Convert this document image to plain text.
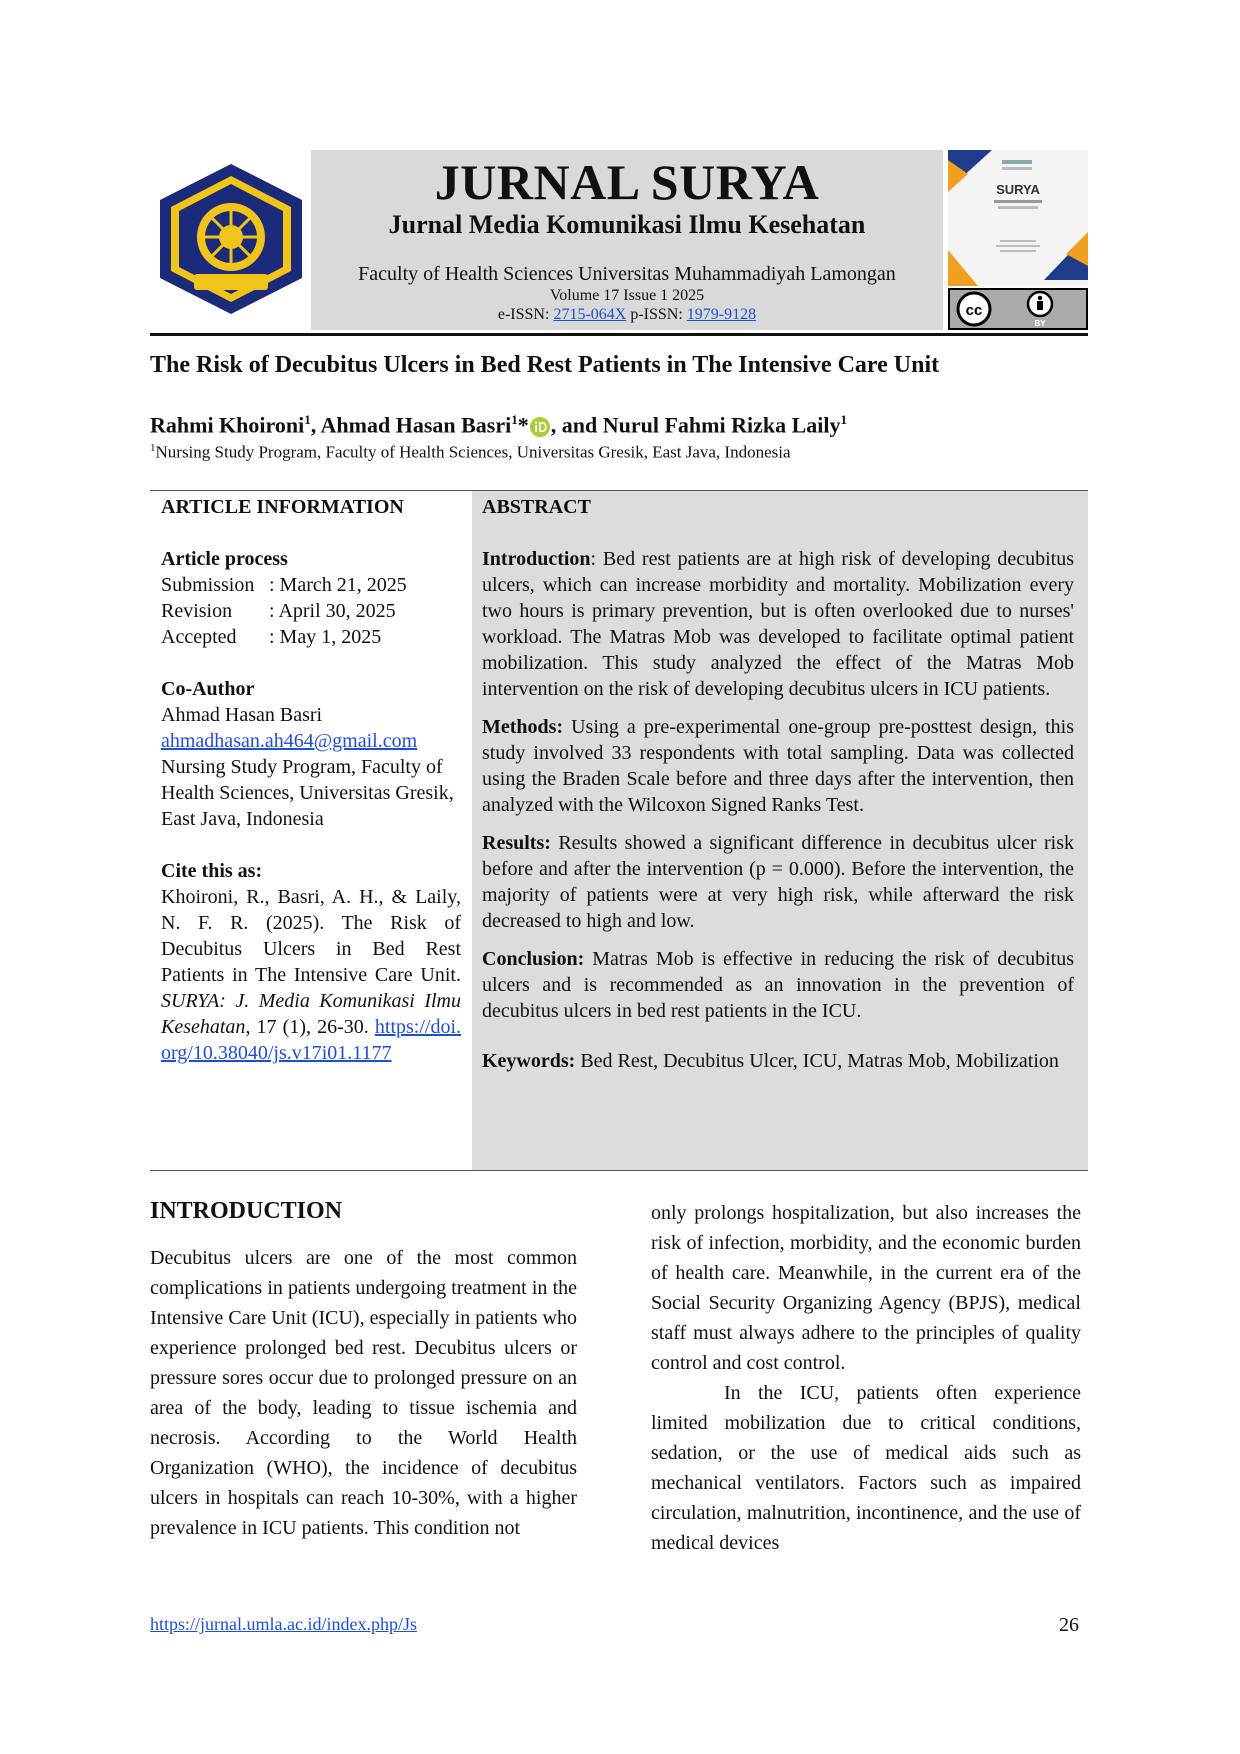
JURNAL SURYA
Jurnal Media Komunikasi Ilmu Kesehatan
Faculty of Health Sciences Universitas Muhammadiyah Lamongan
Volume 17 Issue 1 2025
e-ISSN: 2715-064X p-ISSN: 1979-9128
SURYA
cc
BY
The Risk of Decubitus Ulcers in Bed Rest Patients in The Intensive Care Unit
Rahmi Khoironi$^1$, Ahmad Hasan Basri$^1$* , and Nurul Fahmi Rizka Laily$^1$
$^1$Nursing Study Program, Faculty of Health Sciences, Universitas Gresik, East Java, Indonesia
ARTICLE INFORMATION
Article process
Submission : March 21, 2025
Revision	: April 30, 2025
Accepted	: May 1, 2025
Co-Author
Ahmad Hasan Basri
ahmadhasan.ah464@gmail.com
Nursing Study Program, Faculty of Health Sciences, Universitas Gresik, East Java, Indonesia
Cite this as:
Khoironi, R., Basri, A. H., & Laily, N. F. R. (2025). The Risk of Decubitus Ulcers in Bed Rest Patients in The Intensive Care Unit. SURYA: J. Media Komunikasi Ilmu Kesehatan, 17 (1), 26-30. https://doi.org/10.38040/js.v17i01.1177
ABSTRACT

Introduction: Bed rest patients are at high risk of developing decubitus ulcers, which can increase morbidity and mortality. Mobilization every two hours is primary prevention, but is often overlooked due to nurses' workload. The Matras Mob was developed to facilitate optimal patient mobilization. This study analyzed the effect of the Matras Mob intervention on the risk of developing decubitus ulcers in ICU patients.

Methods: Using a pre-experimental one-group pre-posttest design, this study involved 33 respondents with total sampling. Data was collected using the Braden Scale before and three days after the intervention, then analyzed with the Wilcoxon Signed Ranks Test.

Results: Results showed a significant difference in decubitus ulcer risk before and after the intervention (p = 0.000). Before the intervention, the majority of patients were at very high risk, while afterward the risk decreased to high and low.

Conclusion: Matras Mob is effective in reducing the risk of decubitus ulcers and is recommended as an innovation in the prevention of decubitus ulcers in bed rest patients in the ICU.

Keywords: Bed Rest, Decubitus Ulcer, ICU, Matras Mob, Mobilization

INTRODUCTION

Decubitus ulcers are one of the most common complications in patients undergoing treatment in the Intensive Care Unit (ICU), especially in patients who experience prolonged bed rest. Decubitus ulcers or pressure sores occur due to prolonged pressure on an area of the body, leading to tissue ischemia and necrosis. According to the World Health Organization (WHO), the incidence of decubitus ulcers in hospitals can reach 10-30%, with a higher prevalence in ICU patients. This condition not

only prolongs hospitalization, but also increases the risk of infection, morbidity, and the economic burden of health care. Meanwhile, in the current era of the Social Security Organizing Agency (BPJS), medical staff must always adhere to the principles of quality control and cost control.

In the ICU, patients often experience limited mobilization due to critical conditions, sedation, or the use of medical aids such as mechanical ventilators. Factors such as impaired circulation, malnutrition, incontinence, and the use of medical devices

https://jurnal.umla.ac.id/index.php/Js	26
